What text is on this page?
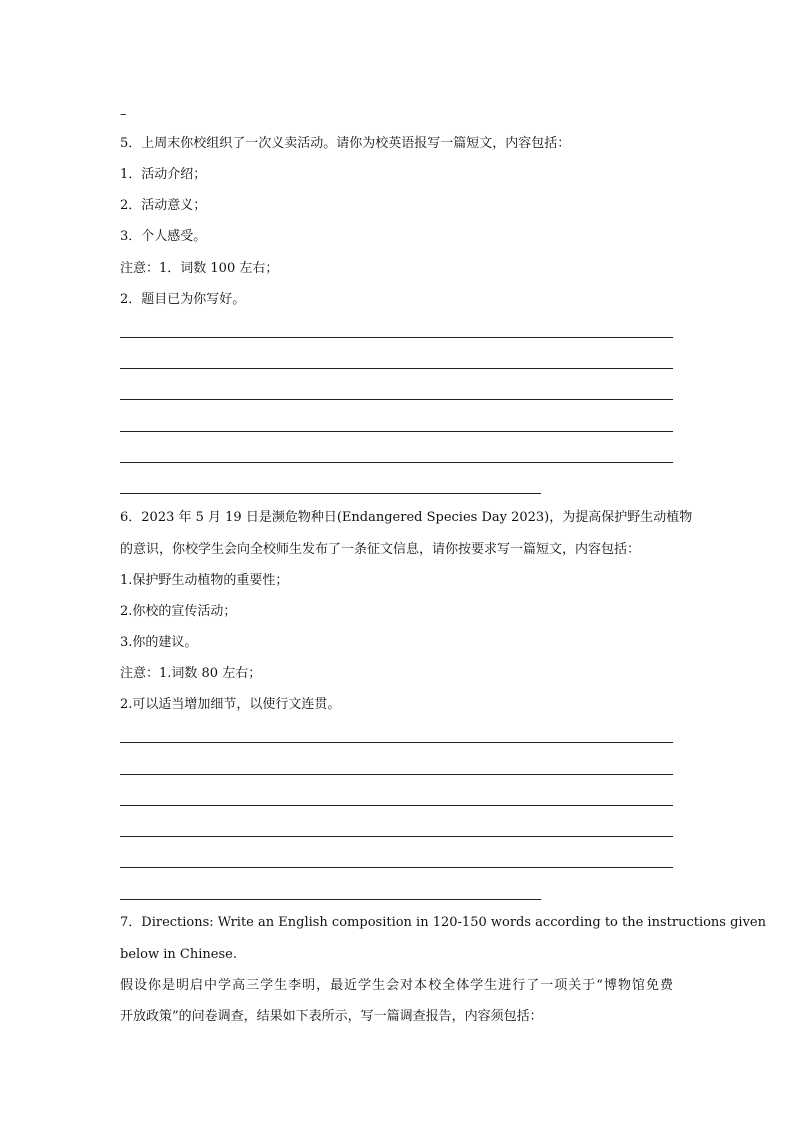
–
5．上周末你校组织了一次义卖活动。请你为校英语报写一篇短文，内容包括：
1．活动介绍；
2．活动意义；
3．个人感受。
注意：1．词数 100 左右；
2．题目已为你写好。
6．2023 年 5 月 19 日是濒危物种日(Endangered Species Day 2023)，为提高保护野生动植物
的意识，你校学生会向全校师生发布了一条征文信息，请你按要求写一篇短文，内容包括：
1.保护野生动植物的重要性；
2.你校的宣传活动；
3.你的建议。
注意：1.词数 80 左右；
2.可以适当增加细节，以使行文连贯。
7．Directions: Write an English composition in 120-150 words according to the instructions given
below in Chinese.
假设你是明启中学高三学生李明，最近学生会对本校全体学生进行了一项关于“博物馆免费
开放政策”的问卷调查，结果如下表所示，写一篇调查报告，内容须包括：
